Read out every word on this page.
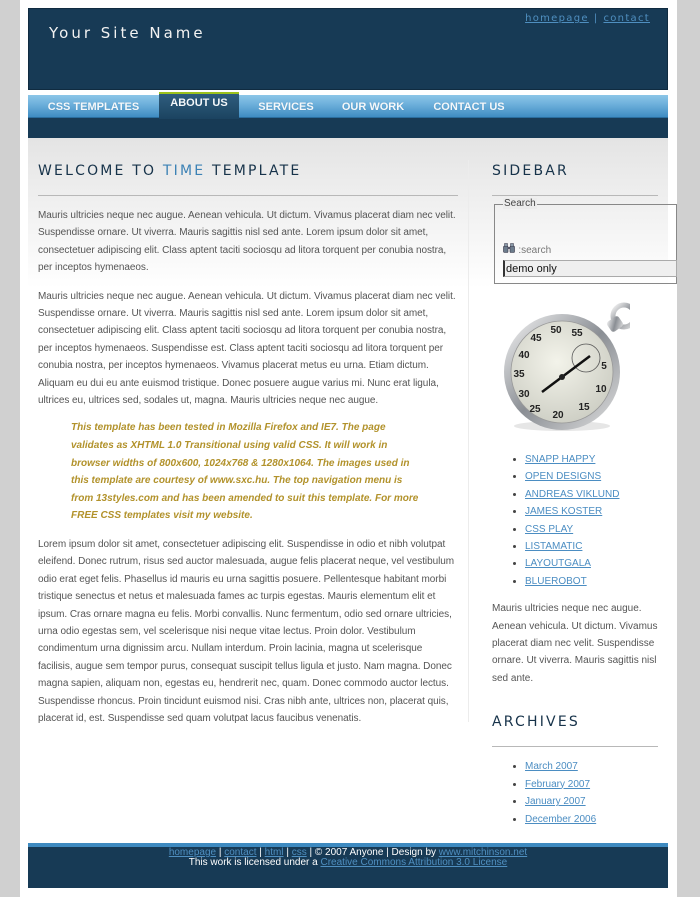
Your Site Name
homepage | contact
CSS TEMPLATES	ABOUT US	SERVICES	OUR WORK	CONTACT US
WELCOME TO TIME TEMPLATE

Mauris ultricies neque nec augue. Aenean vehicula. Ut dictum. Vivamus placerat diam nec velit. Suspendisse ornare. Ut viverra. Mauris sagittis nisl sed ante. Lorem ipsum dolor sit amet, consectetuer adipiscing elit. Class aptent taciti sociosqu ad litora torquent per conubia nostra, per inceptos hymenaeos.

Mauris ultricies neque nec augue. Aenean vehicula. Ut dictum. Vivamus placerat diam nec velit. Suspendisse ornare. Ut viverra. Mauris sagittis nisl sed ante. Lorem ipsum dolor sit amet, consectetuer adipiscing elit. Class aptent taciti sociosqu ad litora torquent per conubia nostra, per inceptos hymenaeos. Suspendisse est. Class aptent taciti sociosqu ad litora torquent per conubia nostra, per inceptos hymenaeos. Vivamus placerat metus eu urna. Etiam dictum. Aliquam eu dui eu ante euismod tristique. Donec posuere augue varius mi. Nunc erat ligula, ultrices eu, ultrices sed, sodales ut, magna. Mauris ultricies neque nec augue.

This template has been tested in Mozilla Firefox and IE7. The page validates as XHTML 1.0 Transitional using valid CSS. It will work in browser widths of 800x600, 1024x768 & 1280x1064. The images used in this template are courtesy of www.sxc.hu. The top navigation menu is from 13styles.com and has been amended to suit this template. For more FREE CSS templates visit my website.

Lorem ipsum dolor sit amet, consectetuer adipiscing elit. Suspendisse in odio et nibh volutpat eleifend. Donec rutrum, risus sed auctor malesuada, augue felis placerat neque, vel vestibulum odio erat eget felis. Phasellus id mauris eu urna sagittis posuere. Pellentesque habitant morbi tristique senectus et netus et malesuada fames ac turpis egestas. Mauris elementum elit et ipsum. Cras ornare magna eu felis. Morbi convallis. Nunc fermentum, odio sed ornare ultricies, urna odio egestas sem, vel scelerisque nisi neque vitae lectus. Proin dolor. Vestibulum condimentum urna dignissim arcu. Nullam interdum. Proin lacinia, magna ut scelerisque facilisis, augue sem tempor purus, consequat suscipit tellus ligula et justo. Nam magna. Donec magna sapien, aliquam non, egestas eu, hendrerit nec, quam. Donec commodo auctor lectus. Suspendisse rhoncus. Proin tincidunt euismod nisi. Cras nibh ante, ultrices non, placerat quis, placerat id, est. Suspendisse sed quam volutpat lacus faucibus venenatis.

SIDEBAR
Search
:search
demo only
55
50
45
40
35
30
25
20
15
10
5
• SNAPP HAPPY
• OPEN DESIGNS
• ANDREAS VIKLUND
• JAMES KOSTER
• CSS PLAY
• LISTAMATIC
• LAYOUTGALA
• BLUEROBOT

Mauris ultricies neque nec augue. Aenean vehicula. Ut dictum. Vivamus placerat diam nec velit. Suspendisse ornare. Ut viverra. Mauris sagittis nisl sed ante.

ARCHIVES
• March 2007
• February 2007
• January 2007
• December 2006
homepage | contact | html | css | © 2007 Anyone | Design by www.mitchinson.net
This work is licensed under a Creative Commons Attribution 3.0 License
